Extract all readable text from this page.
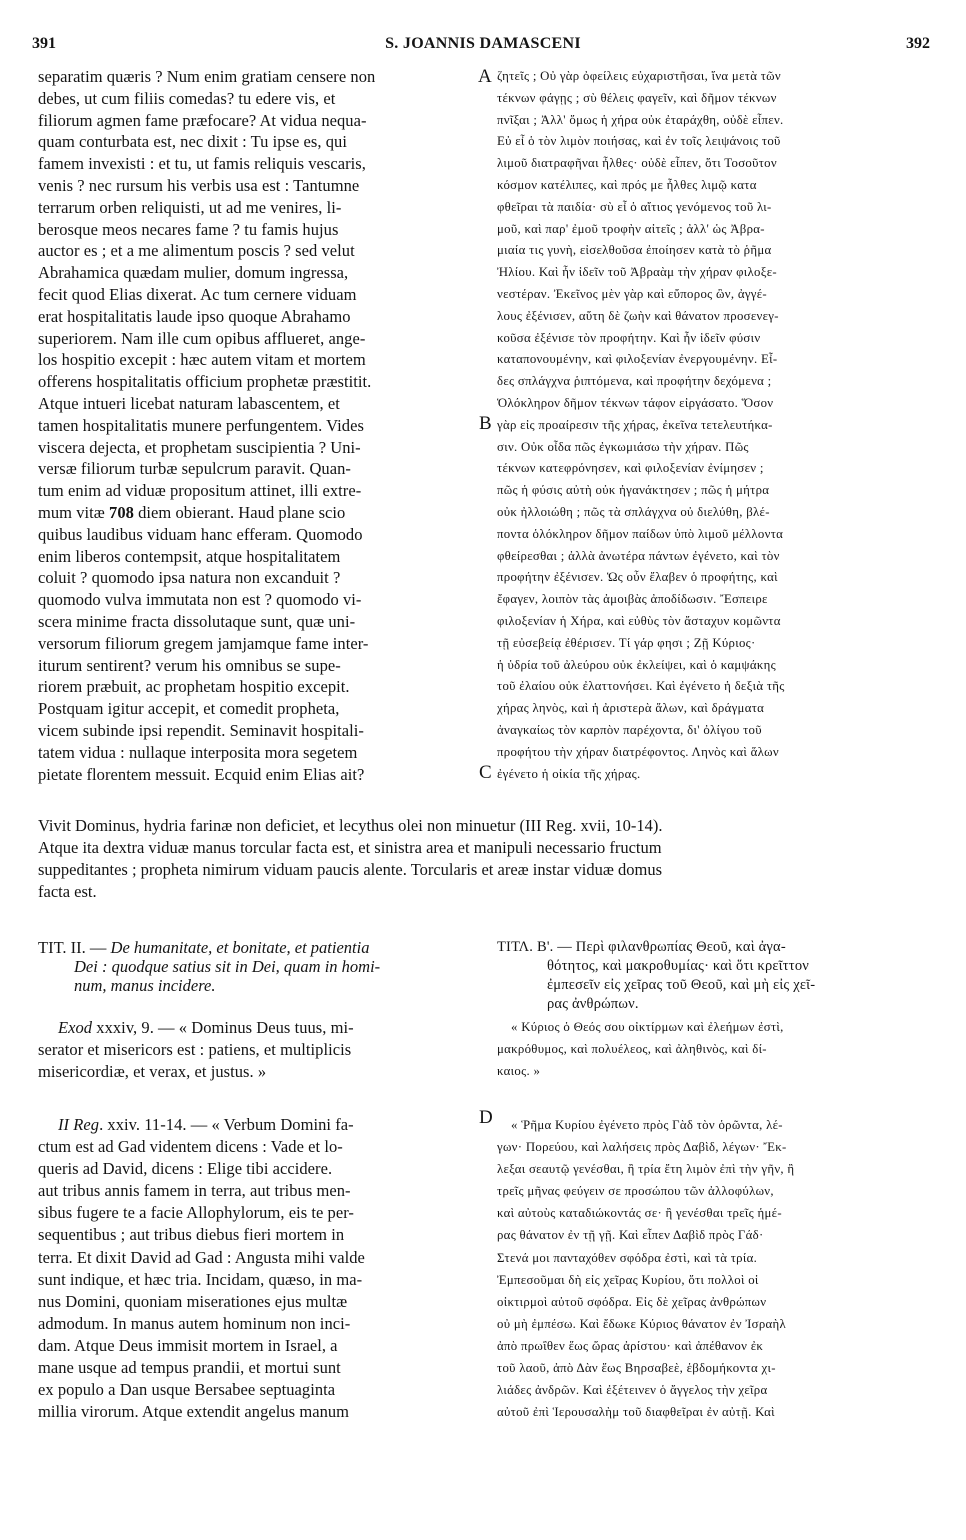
391	S. JOANNIS DAMASCENI	392
A
B
C
D
separatim quæris ? Num enim gratiam censere non
debes, ut cum filiis comedas? tu edere vis, et
filiorum agmen fame præfocare? At vidua nequa-
quam conturbata est, nec dixit : Tu ipse es, qui
famem invexisti : et tu, ut famis reliquis vescaris,
venis ? nec rursum his verbis usa est : Tantumne
terrarum orben reliquisti, ut ad me venires, li-
berosque meos necares fame ? tu famis hujus
auctor es ; et a me alimentum poscis ? sed velut
Abrahamica quædam mulier, domum ingressa,
fecit quod Elias dixerat. Ac tum cernere viduam
erat hospitalitatis laude ipso quoque Abrahamo
superiorem. Nam ille cum opibus afflueret, ange-
los hospitio excepit : hæc autem vitam et mortem
offerens hospitalitatis officium prophetæ præstitit.
Atque intueri licebat naturam labascentem, et
tamen hospitalitatis munere perfungentem. Vides
viscera dejecta, et prophetam suscipientia ? Uni-
versæ filiorum turbæ sepulcrum paravit. Quan-
tum enim ad viduæ propositum attinet, illi extre-
mum vitæ 708 diem obierant. Haud plane scio
quibus laudibus viduam hanc efferam. Quomodo
enim liberos contempsit, atque hospitalitatem
coluit ? quomodo ipsa natura non excanduit ?
quomodo vulva immutata non est ? quomodo vi-
scera minime fracta dissolutaque sunt, quæ uni-
versorum filiorum gregem jamjamque fame inter-
iturum sentirent? verum his omnibus se supe-
riorem præbuit, ac prophetam hospitio excepit.
Postquam igitur accepit, et comedit propheta,
vicem subinde ipsi rependit. Seminavit hospitali-
tatem vidua : nullaque interposita mora segetem
pietate florentem messuit. Ecquid enim Elias ait?
ζητεῖς ; Οὐ γὰρ ὀφείλεις εὐχαριστῆσαι, ἵνα μετὰ τῶν
τέκνων φάγῃς ; σὺ θέλεις φαγεῖν, καὶ δῆμον τέκνων
πνῖξαι ; Ἀλλ' ὅμως ἡ χήρα οὐκ ἐταράχθη, οὐδὲ εἶπεν.
Εὐ εἶ ὁ τὸν λιμὸν ποιήσας, καὶ ἐν τοῖς λειψάνοις τοῦ
λιμοῦ διατραφῆναι ἦλθες· οὐδὲ εἶπεν, ὅτι Τοσοῦτον
κόσμον κατέλιπες, καὶ πρός με ἦλθες λιμῷ κατα
φθεῖραι τὰ παιδία· σὺ εἶ ὁ αἴτιος γενόμενος τοῦ λι-
μοῦ, καὶ παρ' ἐμοῦ τροφὴν αἰτεῖς ; ἀλλ' ὡς Ἀβρα-
μιαία τις γυνὴ, εἰσελθοῦσα ἐποίησεν κατὰ τὸ ῥῆμα
Ἠλίου. Καὶ ἦν ἰδεῖν τοῦ Ἀβραὰμ τὴν χήραν φιλοξε-
νεστέραν. Ἐκεῖνος μὲν γὰρ καὶ εὔπορος ὢν, ἀγγέ-
λους ἐξένισεν, αὕτη δὲ ζωὴν καὶ θάνατον προσενεγ-
κοῦσα ἐξένισε τὸν προφήτην. Καὶ ἦν ἰδεῖν φύσιν
καταπονουμένην, καὶ φιλοξενίαν ἐνεργουμένην. Εἶ-
δες σπλάγχνα ῥιπτόμενα, καὶ προφήτην δεχόμενα ;
Ὁλόκληρον δῆμον τέκνων τάφον εἰργάσατο. Ὅσον
γὰρ εἰς προαίρεσιν τῆς χήρας, ἐκεῖνα τετελευτήκα-
σιν. Οὐκ οἶδα πῶς ἐγκωμιάσω τὴν χήραν. Πῶς
τέκνων κατεφρόνησεν, καὶ φιλοξενίαν ἐνίμησεν ;
πῶς ἡ φύσις αὐτὴ οὐκ ἠγανάκτησεν ; πῶς ἡ μήτρα
οὐκ ἠλλοιώθη ; πῶς τὰ σπλάγχνα οὐ διελύθη, βλέ-
ποντα ὁλόκληρον δῆμον παίδων ὑπὸ λιμοῦ μέλλοντα
φθείρεσθαι ; ἀλλὰ ἀνωτέρα πάντων ἐγένετο, καὶ τὸν
προφήτην ἐξένισεν. Ὡς οὖν ἔλαβεν ὁ προφήτης, καὶ
ἔφαγεν, λοιπὸν τὰς ἀμοιβὰς ἀποδίδωσιν. Ἔσπειρε
φιλοξενίαν ἡ Χήρα, καὶ εὐθὺς τὸν ἄσταχυν κομῶντα
τῇ εὐσεβείᾳ ἐθέρισεν. Τί γάρ φησι ; Ζῇ Κύριος·
ἡ ὑδρία τοῦ ἀλεύρου οὐκ ἐκλείψει, καὶ ὁ καμψάκης
τοῦ ἐλαίου οὐκ ἐλαττονήσει. Καὶ ἐγένετο ἡ δεξιὰ τῆς
χήρας ληνὸς, καὶ ἡ ἀριστερὰ ἅλων, καὶ δράγματα
ἀναγκαίως τὸν καρπὸν παρέχοντα, δι' ὀλίγου τοῦ
προφήτου τὴν χήραν διατρέφοντος. Ληνὸς καὶ ἅλων
ἐγένετο ἡ οἰκία τῆς χήρας.
Vivit Dominus, hydria farinæ non deficiet, et lecythus olei non minuetur (III Reg. xvii, 10-14).
Atque ita dextra viduæ manus torcular facta est, et sinistra area et manipuli necessario fructum
suppeditantes ; propheta nimirum viduam paucis alente. Torcularis et areæ instar viduæ domus
facta est.
TIT. II. — De humanitate, et bonitate, et patientia
Dei : quodque satius sit in Dei, quam in homi-
num, manus incidere.
ΤΙΤΛ. Β'. — Περὶ φιλανθρωπίας Θεοῦ, καὶ ἀγα-
θότητος, καὶ μακροθυμίας· καὶ ὅτι κρεῖττον
ἐμπεσεῖν εἰς χεῖρας τοῦ Θεοῦ, καὶ μὴ εἰς χεῖ-
ρας ἀνθρώπων.
Exod xxxiv, 9. — « Dominus Deus tuus, mi-
serator et misericors est : patiens, et multiplicis
misericordiæ, et verax, et justus. »
« Κύριος ὁ Θεός σου οἰκτίρμων καὶ ἐλεήμων ἐστὶ,
μακρόθυμος, καὶ πολυέλεος, καὶ ἀληθινὸς, καὶ δί-
καιος. »
II Reg. xxiv. 11-14. — « Verbum Domini fa-
ctum est ad Gad videntem dicens : Vade et lo-
queris ad David, dicens : Elige tibi accidere.
aut tribus annis famem in terra, aut tribus men-
sibus fugere te a facie Allophylorum, eis te per-
sequentibus ; aut tribus diebus fieri mortem in
terra. Et dixit David ad Gad : Angusta mihi valde
sunt indique, et hæc tria. Incidam, quæso, in ma-
nus Domini, quoniam miserationes ejus multæ
admodum. In manus autem hominum non inci-
dam. Atque Deus immisit mortem in Israel, a
mane usque ad tempus prandii, et mortui sunt
ex populo a Dan usque Bersabee septuaginta
millia virorum. Atque extendit angelus manum
« Ῥῆμα Κυρίου ἐγένετο πρὸς Γὰδ τὸν ὁρῶντα, λέ-
γων· Πορεύου, καὶ λαλήσεις πρὸς Δαβὶδ, λέγων· Ἔκ-
λεξαι σεαυτῷ γενέσθαι, ἢ τρία ἔτη λιμὸν ἐπὶ τὴν γῆν, ἢ
τρεῖς μῆνας φεύγειν σε προσώπου τῶν ἀλλοφύλων,
καὶ αὐτοὺς καταδιώκοντάς σε· ἢ γενέσθαι τρεῖς ἡμέ-
ρας θάνατον ἐν τῇ γῇ. Καὶ εἶπεν Δαβὶδ πρὸς Γάδ·
Στενά μοι πανταχόθεν σφόδρα ἐστὶ, καὶ τὰ τρία.
Ἐμπεσοῦμαι δὴ εἰς χεῖρας Κυρίου, ὅτι πολλοὶ οἱ
οἰκτιρμοὶ αὐτοῦ σφόδρα. Εἰς δὲ χεῖρας ἀνθρώπων
οὐ μὴ ἐμπέσω. Καὶ ἔδωκε Κύριος θάνατον ἐν Ἰσραὴλ
ἀπὸ πρωΐθεν ἕως ὥρας ἀρίστου· καὶ ἀπέθανον ἐκ
τοῦ λαοῦ, ἀπὸ Δὰν ἕως Βηρσαβεὲ, ἑβδομήκοντα χι-
λιάδες ἀνδρῶν. Καὶ ἐξέτεινεν ὁ ἄγγελος τὴν χεῖρα
αὐτοῦ ἐπὶ Ἱερουσαλὴμ τοῦ διαφθεῖραι ἐν αὐτῇ. Καὶ
